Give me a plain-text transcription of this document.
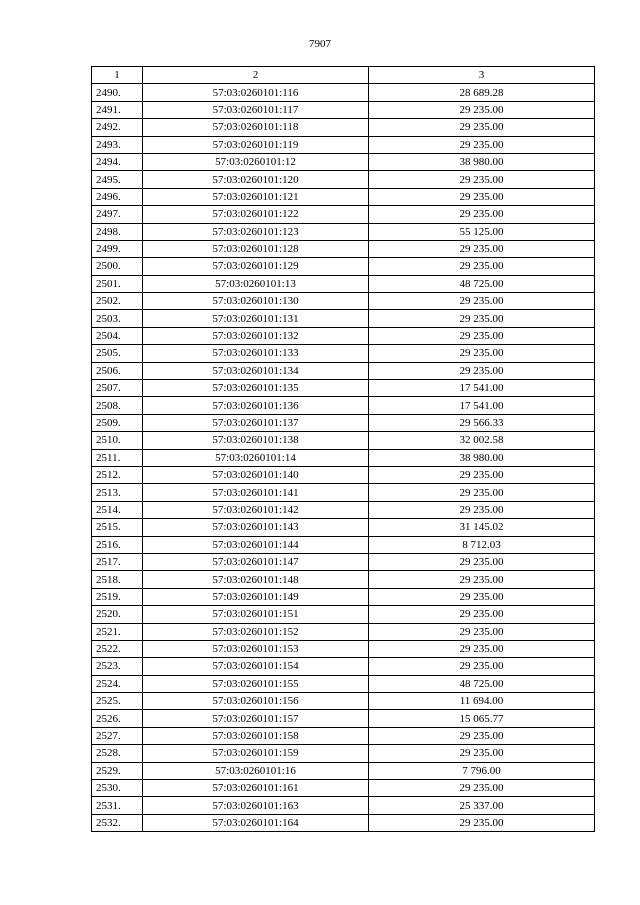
7907
1	2	3
2490.	57:03:0260101:116	28 689.28
2491.	57:03:0260101:117	29 235.00
2492.	57:03:0260101:118	29 235.00
2493.	57:03:0260101:119	29 235.00
2494.	57:03:0260101:12	38 980.00
2495.	57:03:0260101:120	29 235.00
2496.	57:03:0260101:121	29 235.00
2497.	57:03:0260101:122	29 235.00
2498.	57:03:0260101:123	55 125.00
2499.	57:03:0260101:128	29 235.00
2500.	57:03:0260101:129	29 235.00
2501.	57:03:0260101:13	48 725.00
2502.	57:03:0260101:130	29 235.00
2503.	57:03:0260101:131	29 235.00
2504.	57:03:0260101:132	29 235.00
2505.	57:03:0260101:133	29 235.00
2506.	57:03:0260101:134	29 235.00
2507.	57:03:0260101:135	17 541.00
2508.	57:03:0260101:136	17 541.00
2509.	57:03:0260101:137	29 566.33
2510.	57:03:0260101:138	32 002.58
2511.	57:03:0260101:14	38 980.00
2512.	57:03:0260101:140	29 235.00
2513.	57:03:0260101:141	29 235.00
2514.	57:03:0260101:142	29 235.00
2515.	57:03:0260101:143	31 145.02
2516.	57:03:0260101:144	8 712.03
2517.	57:03:0260101:147	29 235.00
2518.	57:03:0260101:148	29 235.00
2519.	57:03:0260101:149	29 235.00
2520.	57:03:0260101:151	29 235.00
2521.	57:03:0260101:152	29 235.00
2522.	57:03:0260101:153	29 235.00
2523.	57:03:0260101:154	29 235.00
2524.	57:03:0260101:155	48 725.00
2525.	57:03:0260101:156	11 694.00
2526.	57:03:0260101:157	15 065.77
2527.	57:03:0260101:158	29 235.00
2528.	57:03:0260101:159	29 235.00
2529.	57:03:0260101:16	7 796.00
2530.	57:03:0260101:161	29 235.00
2531.	57:03:0260101:163	25 337.00
2532.	57:03:0260101:164	29 235.00
